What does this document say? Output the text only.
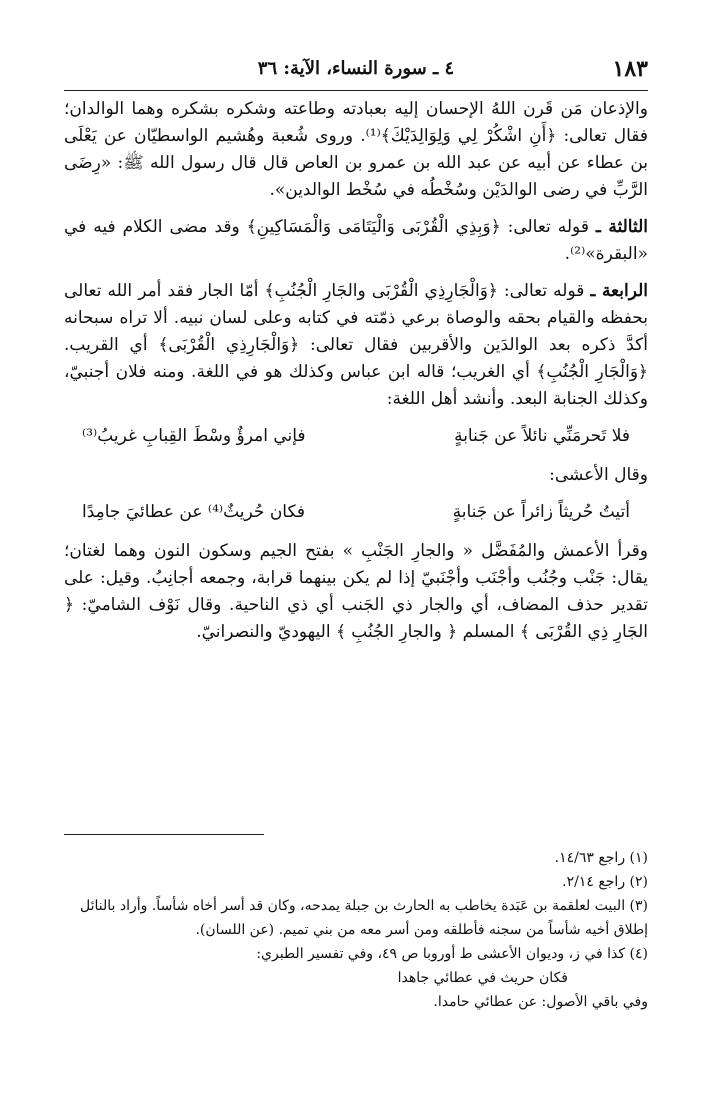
١٨٣
٤ ـ سورة النساء، الآية: ٣٦

والإذعان مَن قَرن اللهُ الإحسان إليه بعبادته وطاعته وشكره بشكره وهما الوالدان؛ فقال تعالى: ﴿أَنِ اشْكُرْ لِي وَلِوَالِدَيْكَ﴾⁽¹⁾. وروى شُعبة وهُشيم الواسطيّان عن يَعْلَى بن عطاء عن أبيه عن عبد الله بن عمرو بن العاص قال قال رسول الله ﷺ: «رِضَى الرَّبِّ في رضى الوالدَيْن وسُخْطُه في سُخْط الوالدين».

الثالثة ـ قوله تعالى: ﴿وَبِذِي الْقُرْبَى وَالْيَتَامَى وَالْمَسَاكِينِ﴾ وقد مضى الكلام فيه في «البقرة»⁽²⁾.

الرابعة ـ قوله تعالى: ﴿وَالْجَارِذِي الْقُرْبَى والجَارِ الْجُنُبِ﴾ أمّا الجار فقد أمر الله تعالى بحفظه والقيام بحقه والوصاة برعي ذمّته في كتابه وعلى لسان نبيه. ألا تراه سبحانه أكدَّ ذكره بعد الوالدَين والأقربين فقال تعالى: ﴿وَالْجَارِذِي الْقُرْبَى﴾ أي القريب. ﴿وَالْجَارِ الْجُنُبِ﴾ أي الغريب؛ قاله ابن عباس وكذلك هو في اللغة. ومنه فلان أجنبيّ، وكذلك الجنابة البعد. وأنشد أهل اللغة:

فلا تَحرمَنِّي نائلاً عن جَنابةٍ
فإني امرؤٌ وسْطَ القِبابِ غريبُ⁽³⁾

وقال الأعشى:

أتيتُ حُريثاً زائراً عن جَنابةٍ
فكان حُريثٌ⁽⁴⁾ عن عطائيَ جامِدًا

وقرأ الأعمش والمُفَضَّل « والجارِ الجَنْبِ » بفتح الجيم وسكون النون وهما لغتان؛ يقال: جَنْب وجُنُب وأجْنَب وأجْنَبيّ إذا لم يكن بينهما قرابة، وجمعه أجانِبُ. وقيل: على تقدير حذف المضاف، أي والجار ذي الجَنب أي ذي الناحية. وقال نَوْف الشاميّ: ﴿ الجَارِ ذِي القُرْبَى ﴾ المسلم ﴿ والجارِ الجُنُبِ ﴾ اليهوديّ والنصرانيّ.

(١) راجع ١٤/٦٣.

(٢) راجع ٢/١٤.

(٣) البيت لعلقمة بن عَبَدة يخاطب به الحارث بن جبلة يمدحه، وكان قد أسر أخاه شأساً. وأراد بالنائل إطلاق أخيه شأساً من سجنه فأطلقه ومن أسر معه من بني تميم. (عن اللسان).

(٤) كذا في ز، وديوان الأعشى ط أوروبا ص ٤٩، وفي تفسير الطبري:

فكان حريث في عطائي جاهدا

وفي باقي الأصول: عن عطائي حامدا.
